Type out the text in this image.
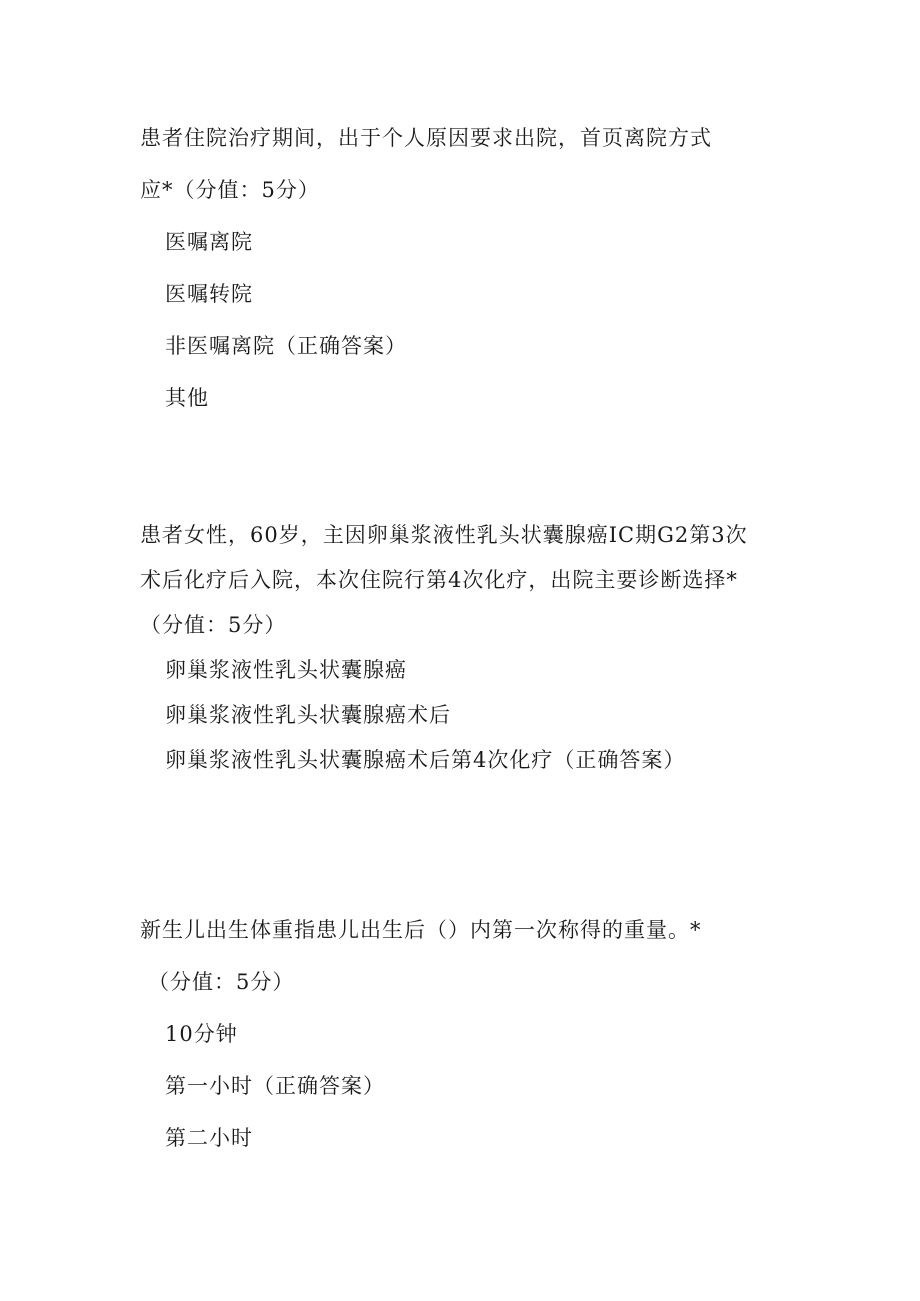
患者住院治疗期间，出于个人原因要求出院，首页离院方式
应*（分值：5分）
医嘱离院
医嘱转院
非医嘱离院（正确答案）
其他
患者女性，60岁，主因卵巢浆液性乳头状囊腺癌IC期G2第3次
术后化疗后入院，本次住院行第4次化疗，出院主要诊断选择*
（分值：5分）
卵巢浆液性乳头状囊腺癌
卵巢浆液性乳头状囊腺癌术后
卵巢浆液性乳头状囊腺癌术后第4次化疗（正确答案）
新生儿出生体重指患儿出生后（）内第一次称得的重量。*
（分值：5分）
10分钟
第一小时（正确答案）
第二小时
